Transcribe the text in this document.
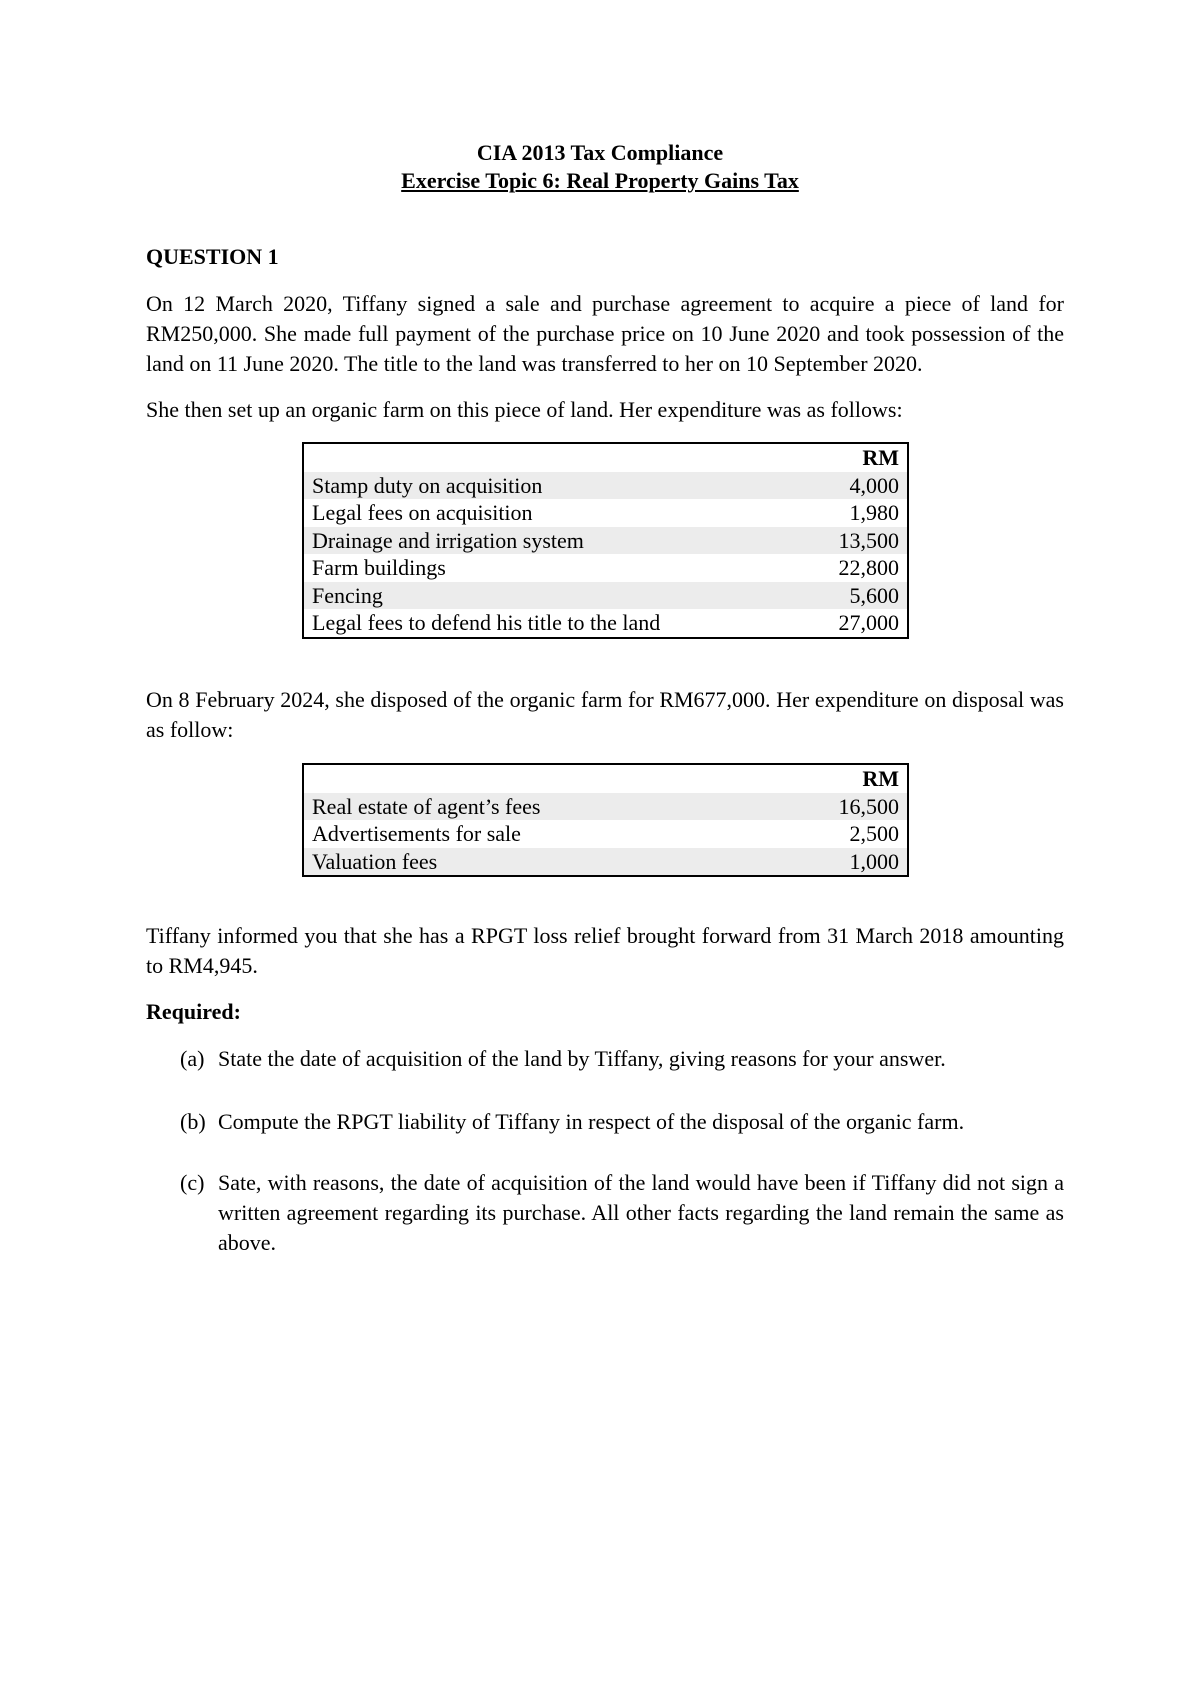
CIA 2013 Tax Compliance
Exercise Topic 6: Real Property Gains Tax
QUESTION 1

On 12 March 2020, Tiffany signed a sale and purchase agreement to acquire a piece of land for RM250,000. She made full payment of the purchase price on 10 June 2020 and took possession of the land on 11 June 2020. The title to the land was transferred to her on 10 September 2020.

She then set up an organic farm on this piece of land. Her expenditure was as follows:

	RM
Stamp duty on acquisition	4,000
Legal fees on acquisition	1,980
Drainage and irrigation system	13,500
Farm buildings	22,800
Fencing	5,600
Legal fees to defend his title to the land	27,000

On 8 February 2024, she disposed of the organic farm for RM677,000. Her expenditure on disposal was as follow:

	RM
Real estate of agent’s fees	16,500
Advertisements for sale	2,500
Valuation fees	1,000

Tiffany informed you that she has a RPGT loss relief brought forward from 31 March 2018 amounting to RM4,945.

Required:
(a) State the date of acquisition of the land by Tiffany, giving reasons for your answer.
(b) Compute the RPGT liability of Tiffany in respect of the disposal of the organic farm.
(c) Sate, with reasons, the date of acquisition of the land would have been if Tiffany did not sign a written agreement regarding its purchase. All other facts regarding the land remain the same as above.
